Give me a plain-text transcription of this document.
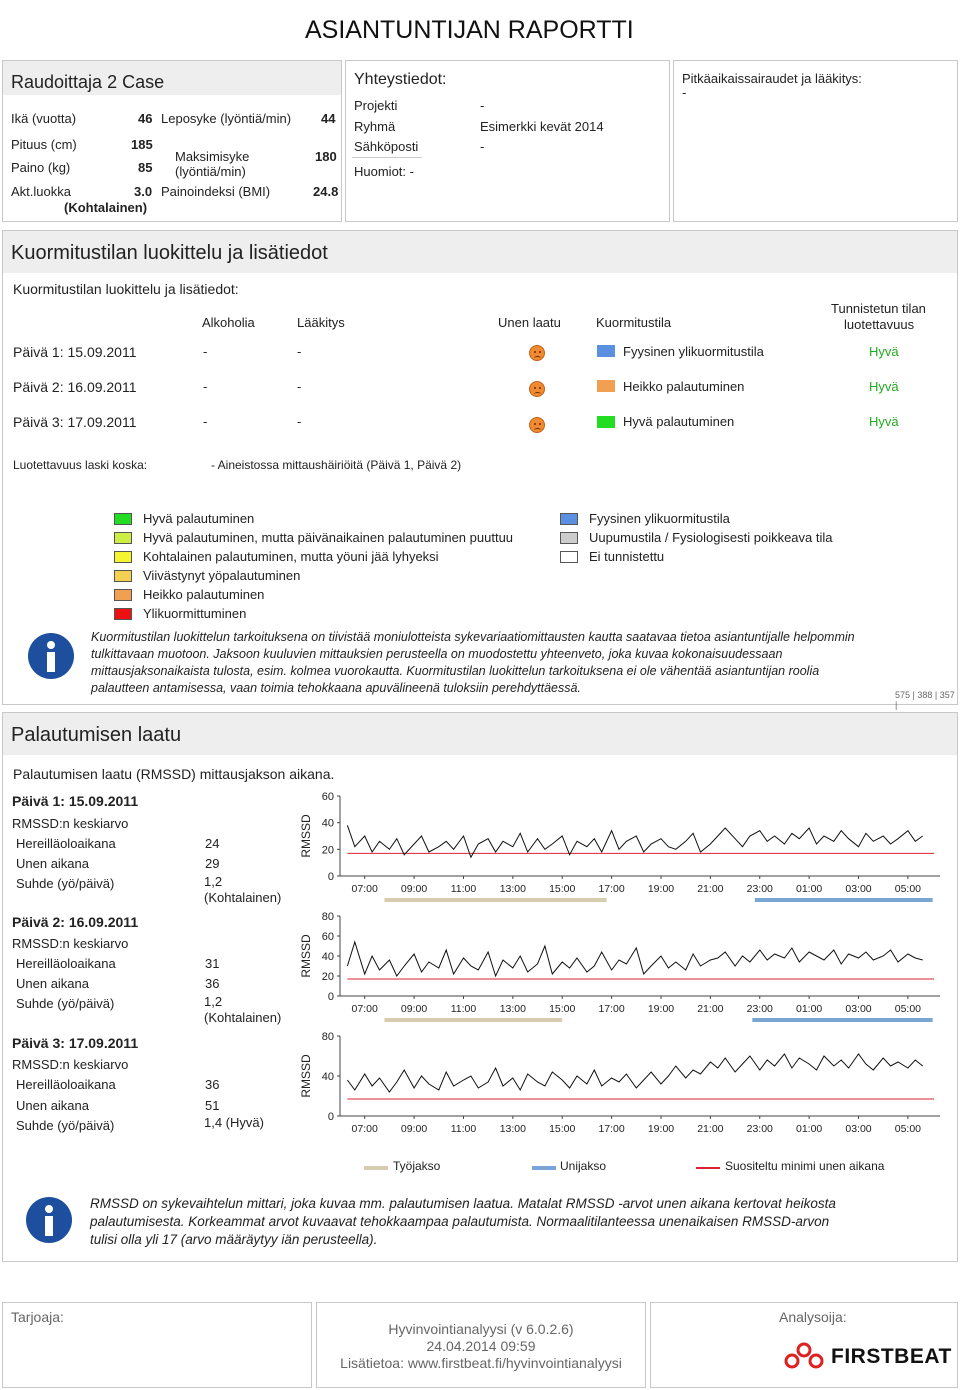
ASIANTUNTIJAN RAPORTTI
Raudoittaja 2 Case
Ikä (vuotta)	46
Pituus (cm)	185
Paino (kg)	85
Akt.luokka	3.0
(Kohtalainen)
Leposyke (lyöntiä/min) 44
Maksimisyke
(lyöntiä/min)
180
Painoindeksi (BMI)	24.8
Yhteystiedot:
Projekti	-
Ryhmä	Esimerkki kevät 2014
Sähköposti	-
Huomiot: -
Pitkäaikaissairaudet ja lääkitys:
-
Kuormitustilan luokittelu ja lisätiedot
Kuormitustilan luokittelu ja lisätiedot:
Alkoholia	Lääkitys	Unen laatu	Kuormitustila
Tunnistetun tilan
luotettavuus
Päivä 1: 15.09.2011	-	-	Fyysinen ylikuormitustila	Hyvä
Päivä 2: 16.09.2011	-	-	Heikko palautuminen	Hyvä
Päivä 3: 17.09.2011	-	-	Hyvä palautuminen	Hyvä
Luotettavuus laski koska:	- Aineistossa mittaushäiriöitä (Päivä 1, Päivä 2)
Hyvä palautuminen
Hyvä palautuminen, mutta päivänaikainen palautuminen puuttuu
Kohtalainen palautuminen, mutta yöuni jää lyhyeksi
Viivästynyt yöpalautuminen
Heikko palautuminen
Ylikuormittuminen
Fyysinen ylikuormitustila
Uupumustila / Fysiologisesti poikkeava tila
Ei tunnistettu
Kuormitustilan luokittelun tarkoituksena on tiivistää moniulotteista sykevariaatiomittausten kautta saatavaa tietoa asiantuntijalle helpommin
tulkittavaan muotoon. Jaksoon kuuluvien mittauksien perusteella on muodostettu yhteenveto, joka kuvaa kokonaisuudessaan
mittausjaksonaikaista tulosta, esim. kolmea vuorokautta. Kuormitustilan luokittelun tarkoituksena ei ole vähentää asiantuntijan roolia
palautteen antamisessa, vaan toimia tehokkaana apuvälineenä tuloksiin perehdyttäessä.	575 | 388 | 357 |
Palautumisen laatu
Palautumisen laatu (RMSSD) mittausjakson aikana.
Päivä 1: 15.09.2011
RMSSD:n keskiarvo
Hereilläoloaikana	24
Unen aikana	29
Suhde (yö/päivä)	1,2
(Kohtalainen)
Päivä 2: 16.09.2011
RMSSD:n keskiarvo
Hereilläoloaikana	31
Unen aikana	36
Suhde (yö/päivä)	1,2
(Kohtalainen)
Päivä 3: 17.09.2011
RMSSD:n keskiarvo
Hereilläoloaikana	36
Unen aikana	51
Suhde (yö/päivä)	1,4 (Hyvä)
0
20
40
60
RMSSD
07:00 09:00 11:00 13:00 15:00 17:00 19:00 21:00 23:00 01:00 03:00 05:00
0
20
40
60
80
RMSSD
07:00 09:00 11:00 13:00 15:00 17:00 19:00 21:00 23:00 01:00 03:00 05:00
0
40
80
RMSSD
07:00 09:00 11:00 13:00 15:00 17:00 19:00 21:00 23:00 01:00 03:00 05:00
Työjakso	Unijakso	Suositeltu minimi unen aikana
RMSSD on sykevaihtelun mittari, joka kuvaa mm. palautumisen laatua. Matalat RMSSD -arvot unen aikana kertovat heikosta
palautumisesta. Korkeammat arvot kuvaavat tehokkaampaa palautumista. Normaalitilanteessa unenaikaisen RMSSD-arvon
tulisi olla yli 17 (arvo määräytyy iän perusteella).
Tarjoaja:
Hyvinvointianalyysi (v 6.0.2.6)
24.04.2014 09:59
Lisätietoa: www.firstbeat.fi/hyvinvointianalyysi
Analysoija:
FIRSTBEAT
